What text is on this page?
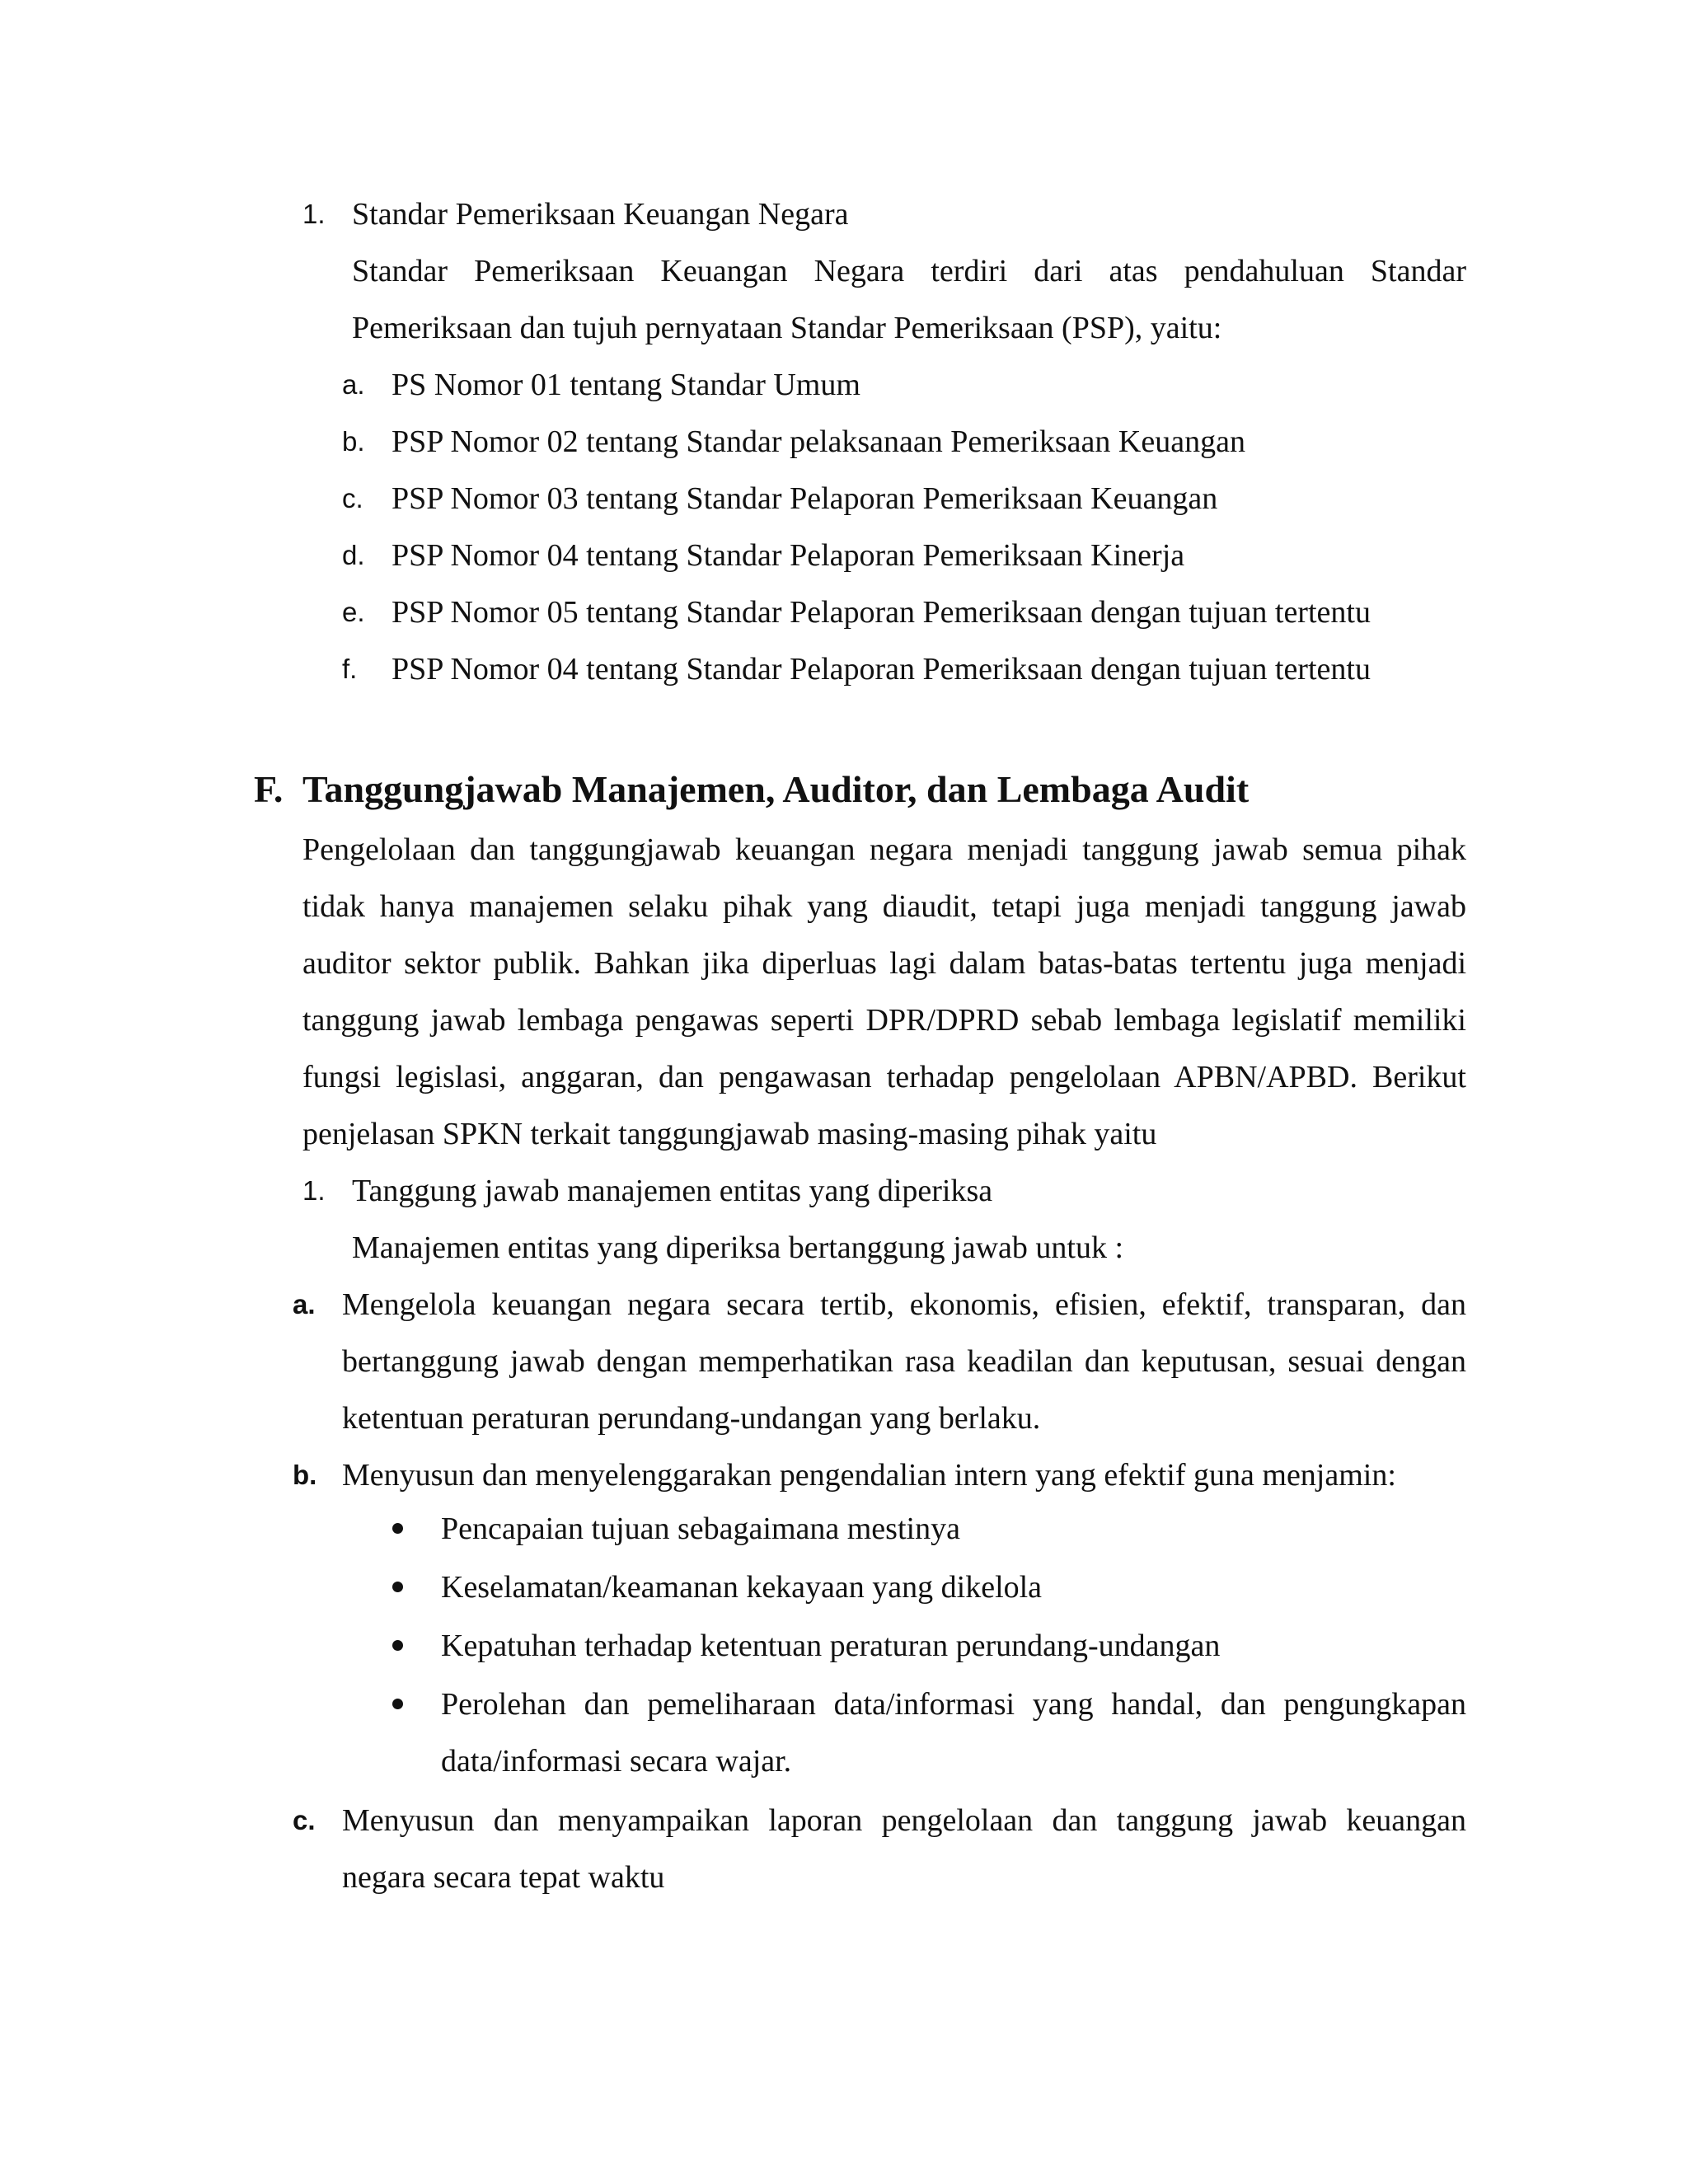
1. Standar Pemeriksaan Keuangan Negara
Standar Pemeriksaan Keuangan Negara terdiri dari atas pendahuluan Standar
Pemeriksaan dan tujuh pernyataan Standar Pemeriksaan (PSP), yaitu:
a. PS Nomor 01 tentang Standar Umum
b. PSP Nomor 02 tentang Standar pelaksanaan Pemeriksaan Keuangan
c. PSP Nomor 03 tentang Standar Pelaporan Pemeriksaan Keuangan
d. PSP Nomor 04 tentang Standar Pelaporan Pemeriksaan Kinerja
e. PSP Nomor 05 tentang Standar Pelaporan Pemeriksaan dengan tujuan tertentu
f. PSP Nomor 04 tentang Standar Pelaporan Pemeriksaan dengan tujuan tertentu
F. Tanggungjawab Manajemen, Auditor, dan Lembaga Audit
Pengelolaan dan tanggungjawab keuangan negara menjadi tanggung jawab semua pihak
tidak hanya manajemen selaku pihak yang diaudit, tetapi juga menjadi tanggung jawab
auditor sektor publik. Bahkan jika diperluas lagi dalam batas-batas tertentu juga menjadi
tanggung jawab lembaga pengawas seperti DPR/DPRD sebab lembaga legislatif memiliki
fungsi legislasi, anggaran, dan pengawasan terhadap pengelolaan APBN/APBD. Berikut
penjelasan SPKN terkait tanggungjawab masing-masing pihak yaitu
1. Tanggung jawab manajemen entitas yang diperiksa
Manajemen entitas yang diperiksa bertanggung jawab untuk :
a. Mengelola keuangan negara secara tertib, ekonomis, efisien, efektif, transparan, dan
bertanggung jawab dengan memperhatikan rasa keadilan dan keputusan, sesuai dengan
ketentuan peraturan perundang-undangan yang berlaku.
b. Menyusun dan menyelenggarakan pengendalian intern yang efektif guna menjamin:
Pencapaian tujuan sebagaimana mestinya
Keselamatan/keamanan kekayaan yang dikelola
Kepatuhan terhadap ketentuan peraturan perundang-undangan
Perolehan dan pemeliharaan data/informasi yang handal, dan pengungkapan
data/informasi secara wajar.
c. Menyusun dan menyampaikan laporan pengelolaan dan tanggung jawab keuangan
negara secara tepat waktu
